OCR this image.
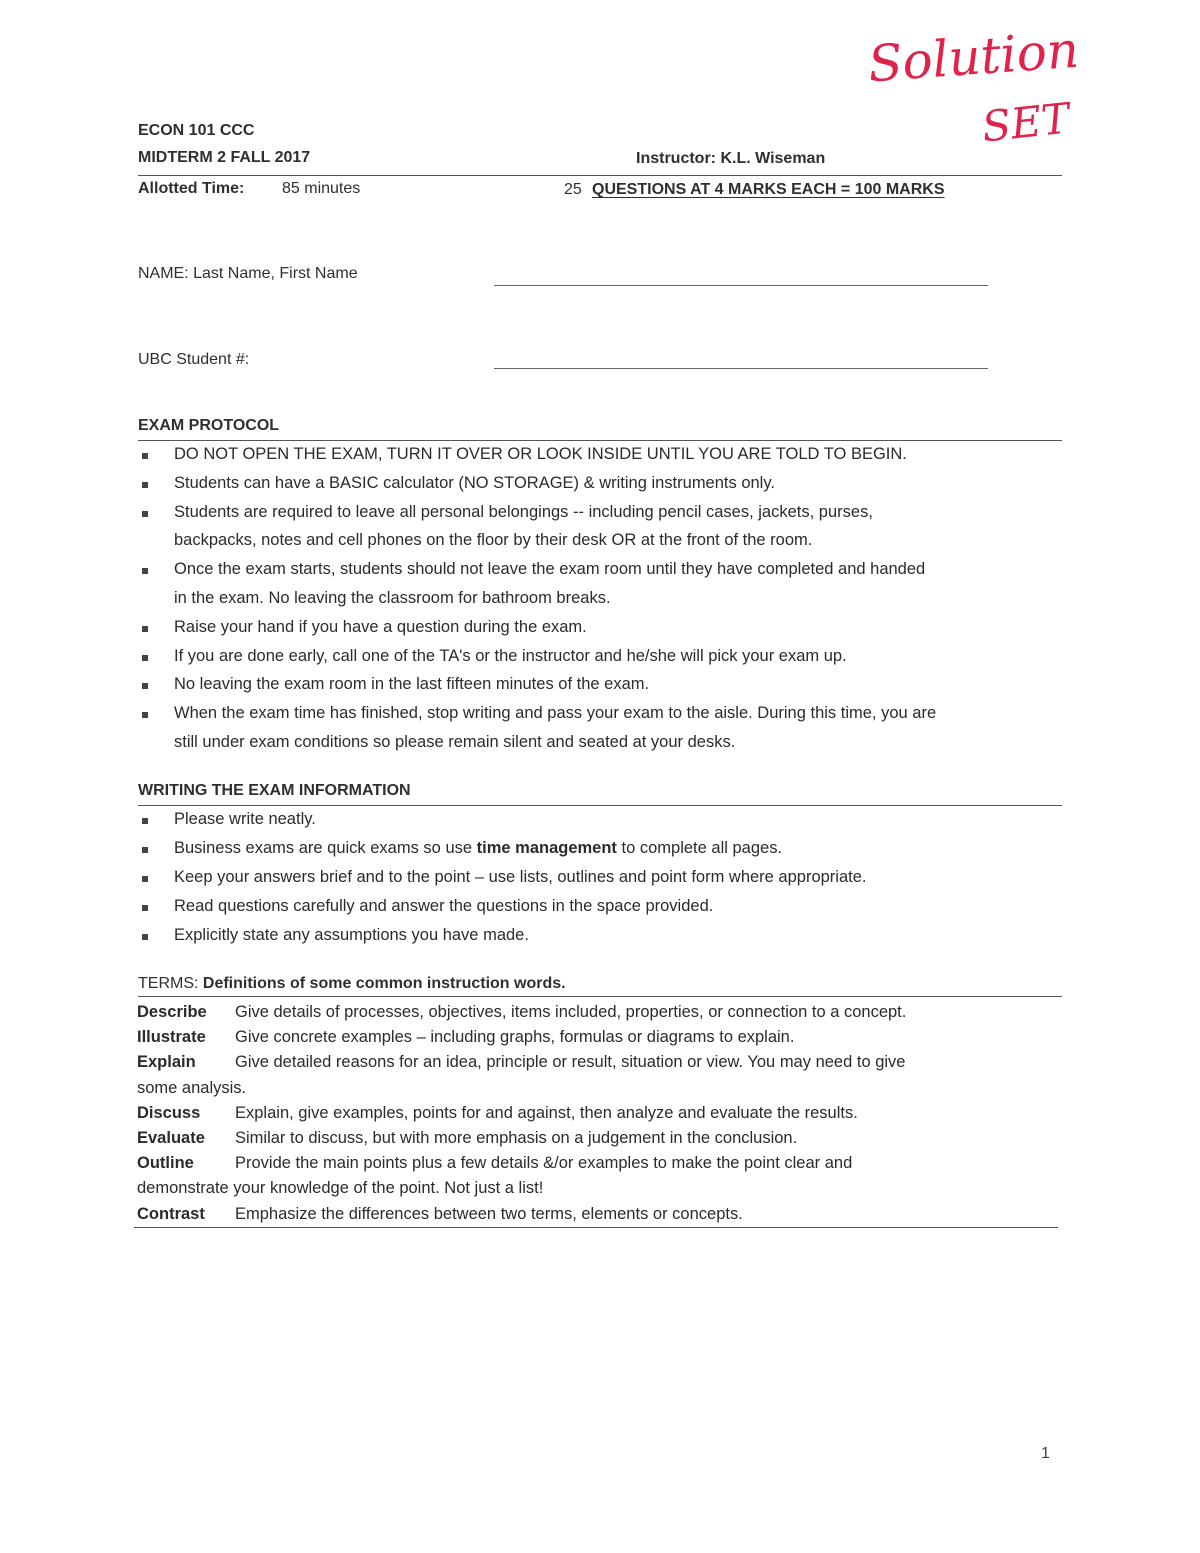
Solution
SET
ECON 101 CCC
MIDTERM 2 FALL 2017	Instructor: K.L. Wiseman
Allotted Time: 85 minutes	25 QUESTIONS AT 4 MARKS EACH = 100 MARKS
NAME: Last Name, First Name
UBC Student #:
EXAM PROTOCOL
DO NOT OPEN THE EXAM, TURN IT OVER OR LOOK INSIDE UNTIL YOU ARE TOLD TO BEGIN.
Students can have a BASIC calculator (NO STORAGE) & writing instruments only.
Students are required to leave all personal belongings -- including pencil cases, jackets, purses,
backpacks, notes and cell phones on the floor by their desk OR at the front of the room.
Once the exam starts, students should not leave the exam room until they have completed and handed
in the exam. No leaving the classroom for bathroom breaks.
Raise your hand if you have a question during the exam.
If you are done early, call one of the TA's or the instructor and he/she will pick your exam up.
No leaving the exam room in the last fifteen minutes of the exam.
When the exam time has finished, stop writing and pass your exam to the aisle. During this time, you are
still under exam conditions so please remain silent and seated at your desks.
WRITING THE EXAM INFORMATION
Please write neatly.
Business exams are quick exams so use time management to complete all pages.
Keep your answers brief and to the point – use lists, outlines and point form where appropriate.
Read questions carefully and answer the questions in the space provided.
Explicitly state any assumptions you have made.
TERMS: Definitions of some common instruction words.
Describe Give details of processes, objectives, items included, properties, or connection to a concept.
Illustrate Give concrete examples – including graphs, formulas or diagrams to explain.
Explain Give detailed reasons for an idea, principle or result, situation or view. You may need to give
some analysis.
Discuss Explain, give examples, points for and against, then analyze and evaluate the results.
Evaluate Similar to discuss, but with more emphasis on a judgement in the conclusion.
Outline Provide the main points plus a few details &/or examples to make the point clear and
demonstrate your knowledge of the point. Not just a list!
Contrast Emphasize the differences between two terms, elements or concepts.
1
